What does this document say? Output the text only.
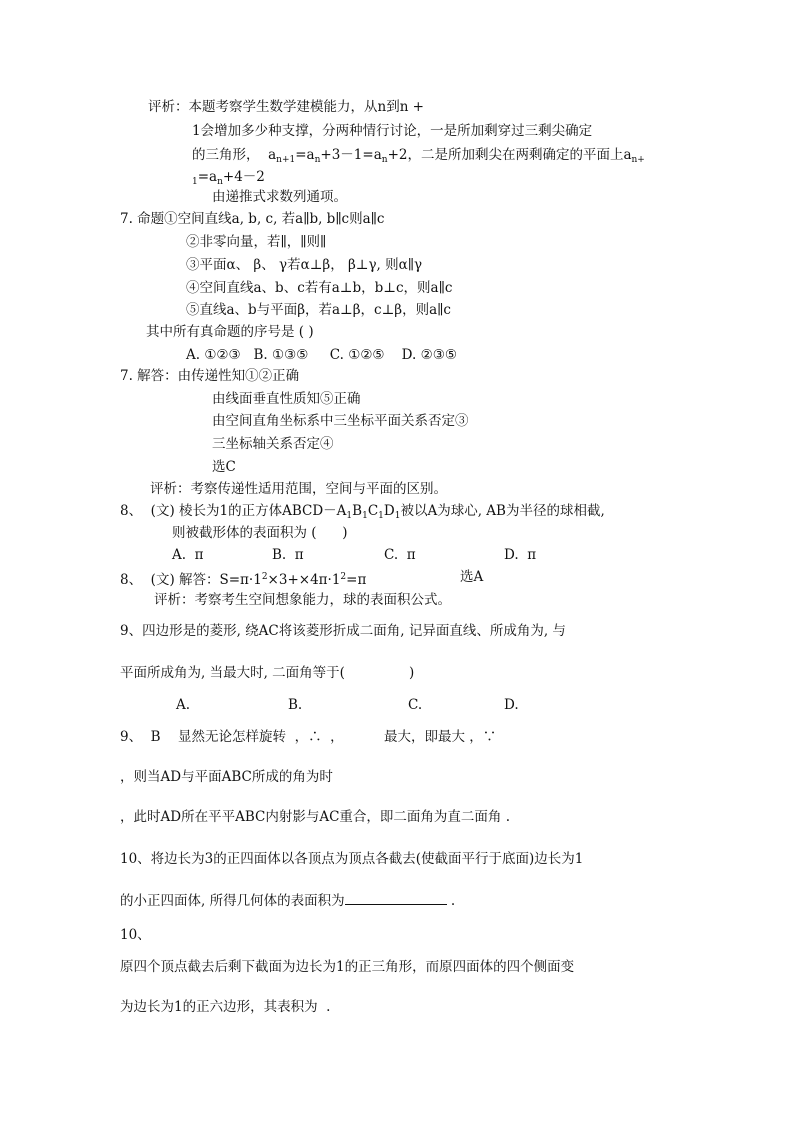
评析：本题考察学生数学建模能力，从n到n +
1会增加多少种支撑，分两种情行讨论，一是所加剩穿过三剩尖确定
的三角形， $a_{n+1}=a_n+3-1=a_n+2$，二是所加剩尖在两剩确定的平面上$a_{n+}$
$_1=a_n+4-2$
由递推式求数列通项。
7. 命题①空间直线a, b, c, 若a∥b, b∥c则a∥c
②非零向量，若∥，∥则∥
③平面α、 β、 γ若α⊥β， β⊥γ, 则α∥γ
④空间直线a、b、c若有a⊥b，b⊥c，则a∥c
⑤直线a、b与平面β，若a⊥β，c⊥β，则a∥c
其中所有真命题的序号是 ( )
A. ①②③   B. ①③⑤     C. ①②⑤    D. ②③⑤
7. 解答：由传递性知①②正确
由线面垂直性质知⑤正确
由空间直角坐标系中三坐标平面关系否定③
三坐标轴关系否定④
选C
评析：考察传递性适用范围，空间与平面的区别。
8、  (文) 棱长为1的正方体$ABCD-A_1B_1C_1D_1$被以A为球心, AB为半径的球相截,
则被截形体的表面积为 (      )
A.  π	B.  π	C.  π	D.  π
8、  (文) 解答：$S=\pi\cdot 1^2\times 3+\times 4\pi\cdot 1^2=\pi$	选A
评析：考察考生空间想象能力，球的表面积公式。
9、四边形是的菱形, 绕AC将该菱形折成二面角, 记异面直线、所成角为, 与
平面所成角为, 当最大时, 二面角等于(	)
A.	B.	C.	D.
9、  B 显然无论怎样旋转  ，∴  ，	最大，即最大 ，∵
，则当AD与平面ABC所成的角为时
，此时AD所在平平ABC内射影与AC重合，即二面角为直二面角 .
10、将边长为3的正四面体以各顶点为顶点各截去(使截面平行于底面)边长为1
的小正四面体, 所得几何体的表面积为	.
10、
原四个顶点截去后剩下截面为边长为1的正三角形，而原四面体的四个侧面变
为边长为1的正六边形，其表积为  .
